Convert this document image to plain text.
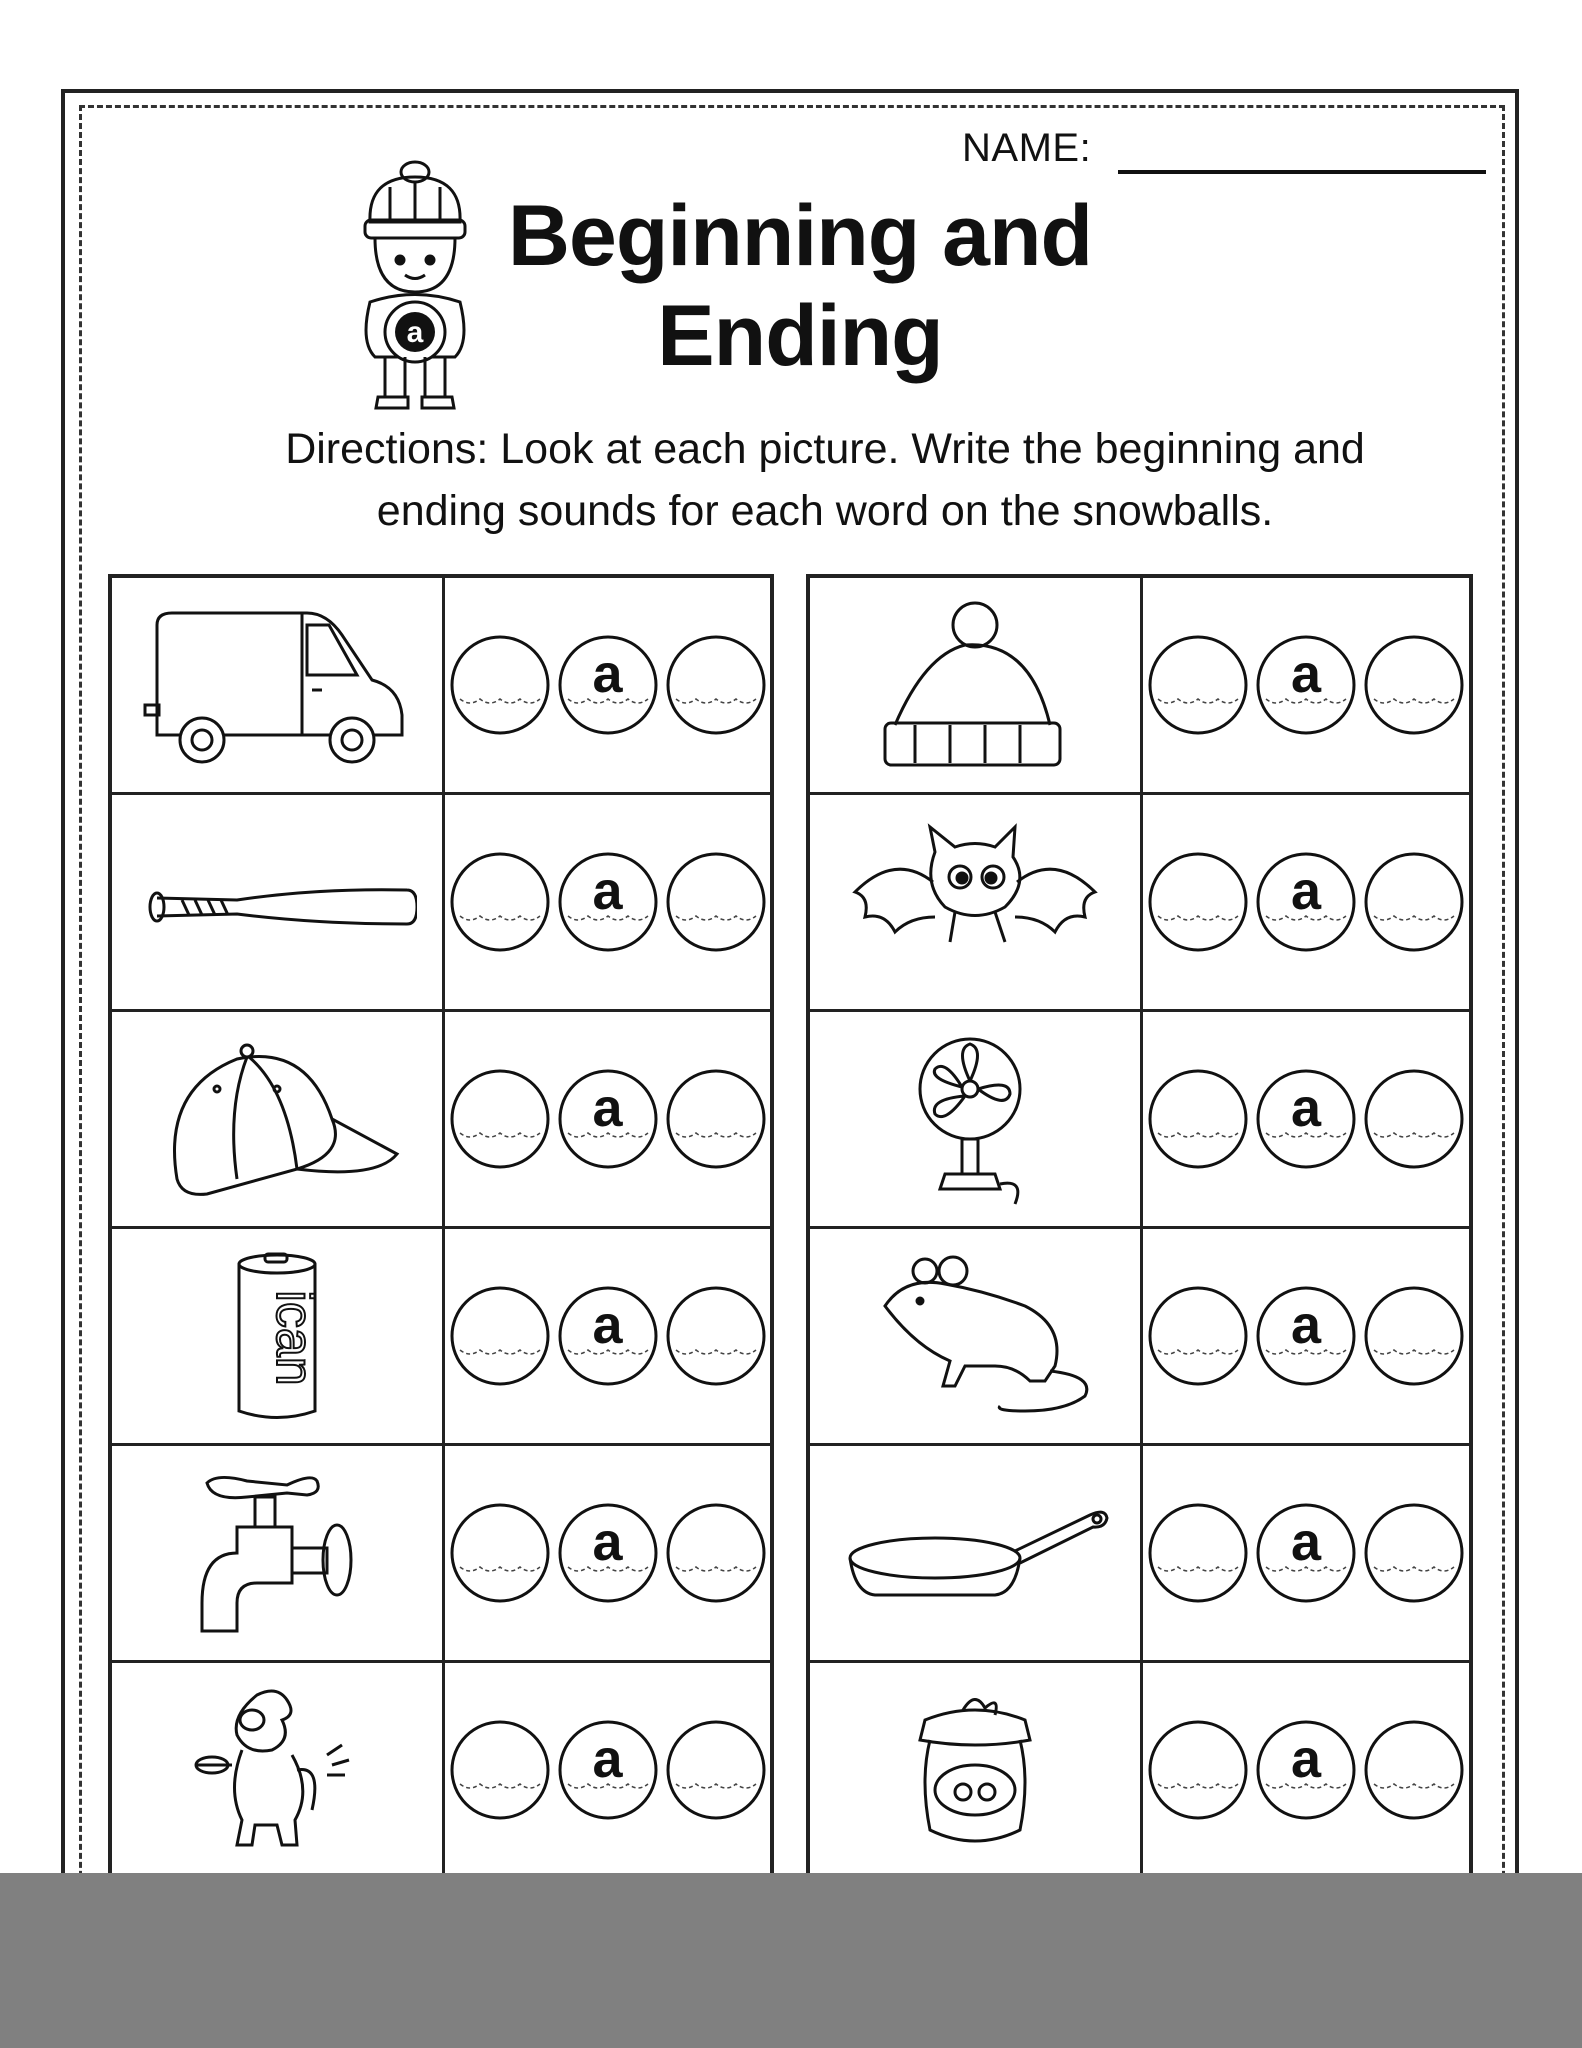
NAME:
a
Beginning and
Ending
Directions: Look at each picture. Write the beginning and
ending sounds for each word on the snowballs.
a
a
a
ican	a
a
a
a
a
a
a
a
a
